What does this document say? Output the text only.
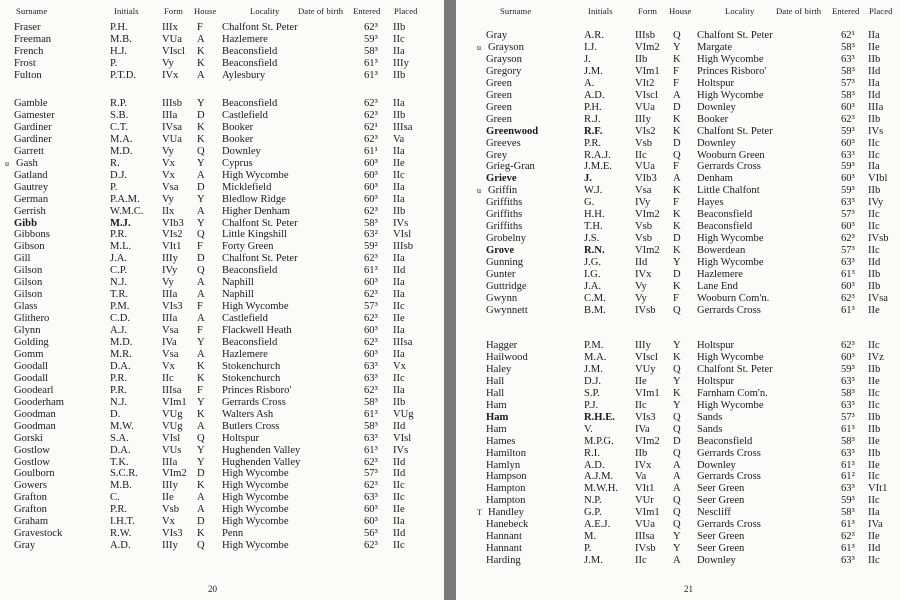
Surname	Initials	Form House	Locality Date of birth Entered Placed
Fraser	P.H.	IIIx F Chalfont St. Peter	62³ IIb
Freeman	M.B.	VUa A Hazlemere	59³ IIc
French	H.J.	VIscl K Beaconsfield	58³ IIa
Frost	P.	Vy K Beaconsfield	61³ IIIy
Fulton	P.T.D. IVx A Aylesbury	61³ IIb
Gamble	R.P.	IIIsb Y Beaconsfield	62³ IIa
Gamester	S.B.	IIIa D Castlefield	62³ IIb
Gardiner	C.T.	IVsa K Booker	62¹ IIIsa
Gardiner	M.A.	VUa K Booker	62³ Va
Garrett	M.D.	Vy Q Downley	61¹ IIa
u Gash	R.	Vx Y Cyprus	60³ IIe
Gatland	D.J.	Vx A High Wycombe	60³ IIc
Gautrey	P.	Vsa D Micklefield	60³ IIa
German	P.A.M. Vy Y Bledlow Ridge	60³ IIa
Gerrish	W.M.C. IIx A Higher Denham	62³ IIb
Gibb	M.J.	VIb3 Y Chalfont St. Peter	58³ IVs
Gibbons	P.R.	VIs2 Q Little Kingshill	63² VIsl
Gibson	M.L.	VIt1 F Forty Green	59² IIIsb
Gill	J.A.	IIIy D Chalfont St. Peter	62³ IIa
Gilson	C.P.	IVy Q Beaconsfield	61³ IId
Gilson	N.J.	Vy A Naphill	60³ IIa
Gilson	T.R.	IIIa A Naphill	62³ IIa
Glass	P.M.	VIs3 F High Wycombe	57³ IIc
Glithero	C.D.	IIIa A Castlefield	62³ IIe
Glynn	A.J.	Vsa F Flackwell Heath	60³ IIa
Golding	M.D.	IVa Y Beaconsfield	62³ IIIsa
Gomm	M.R.	Vsa A Hazlemere	60³ IIa
Goodall	D.A.	Vx K Stokenchurch	63³ Vx
Goodall	P.R.	IIc K Stokenchurch	63³ IIc
Goodearl	P.R.	IIIsa F Princes Risboro'	62³ IIa
Gooderham	N.J.	VIm1 Y Gerrards Cross	58³ IIb
Goodman	D.	VUg K Walters Ash	61³ VUg
Goodman	M.W.	VUg A Butlers Cross	58³ IId
Gorski	S.A.	VIsl Q Holtspur	63³ VIsl
Gostlow	D.A.	VUs Y Hughenden Valley	61³ IVs
Gostlow	T.K.	IIIa Y Hughenden Valley	62³ IId
Goulborn	S.C.R. VIm2 D High Wycombe	57³ IId
Gowers	M.B.	IIIy K High Wycombe	62³ IIc
Grafton	C.	IIe A High Wycombe	63³ IIc
Grafton	P.R.	Vsb A High Wycombe	60³ IIe
Graham	I.H.T.	Vx D High Wycombe	60³ IIa
Gravestock	R.W.	VIs3 K Penn	56³ IId
Gray	A.D.	IIIy Q High Wycombe	62³ IIc
20
Surname	Initials	Form House	Locality	Date of birth Entered Placed
Gray	A.R.	IIIsb Q Chalfont St. Peter	62¹ IIa
u Grayson	I.J.	VIm2 Y Margate	58³ IIe
Grayson	J.	IIb K High Wycombe	63³ IIb
Gregory	J.M.	VIm1 F Princes Risboro'	58³ IId
Green	A.	VIt2 F Holtspur	57³ IIa
Green	A.D.	VIscl A High Wycombe	58³ IId
Green	P.H.	VUa D Downley	60³ IIIa
Green	R.J.	IIIy K Booker	62³ IIb
Greenwood	R.F.	VIs2 K Chalfont St. Peter	59³ IVs
Greeves	P.R.	Vsb D Downley	60³ IIc
Grey	R.A.J. IIc Q Wooburn Green	63³ IIc
Grieg-Gran	J.M.E. VUa F Gerrards Cross	59³ IIa
Grieve	J.	VIb3 A Denham	60³ VIbl
u Griffin	W.J.	Vsa K Little Chalfont	59³ IIb
Griffiths	G.	IVy F Hayes	63³ IVy
Griffiths	H.H.	VIm2 K Beaconsfield	57³ IIc
Griffiths	T.H.	Vsb K Beaconsfield	60³ IIc
Grobelny	J.S.	Vsb D High Wycombe	62³ IVsb
Grove	R.N.	VIm2 K Bowerdean	57³ IIc
Gunning	J.G.	IId Y High Wycombe	63³ IId
Gunter	I.G.	IVx D Hazlemere	61³ IIb
Guttridge	J.A.	Vy K Lane End	60³ IIb
Gwynn	C.M.	Vy F Wooburn Com'n.	62³ IVsa
Gwynnett	B.M.	IVsb Q Gerrards Cross	61³ IIe
Hagger	P.M.	IIIy Y Holtspur	62³ IIc
Hailwood	M.A.	VIscl K High Wycombe	60³ IVz
Haley	J.M.	VUy Q Chalfont St. Peter	59³ IIb
Hall	D.J.	IIe Y Holtspur	63³ IIe
Hall	S.P.	VIm1 K Farnham Com'n.	58³ IIc
Ham	P.J.	IIc Y High Wycombe	63³ IIc
Ham	R.H.E. VIs3 Q Sands	57³ IIb
Ham	V.	IVa Q Sands	61³ IIb
Hames	M.P.G. VIm2 D Beaconsfield	58³ IIe
Hamilton	R.I.	IIb Q Gerrards Cross	63³ IIb
Hamlyn	A.D.	IVx A Downley	61³ IIe
Hampson	A.J.M. Va	A Gerrards Cross	61² IIc
Hampton	M.W.H. VIt1 A Seer Green	63³ VIt1
Hampton	N.P.	VUr Q Seer Green	59³ IIc
T Handley	G.P.	VIm1 Q Nescliff	58³ IIa
Hanebeck	A.E.J. VUa Q Gerrards Cross	61³ IVa
Hannant	M.	IIIsa Y Seer Green	62³ IIe
Hannant	P.	IVsb Y Seer Green	61³ IId
Harding	J.M.	IIc A Downley	63³ IIc
21
